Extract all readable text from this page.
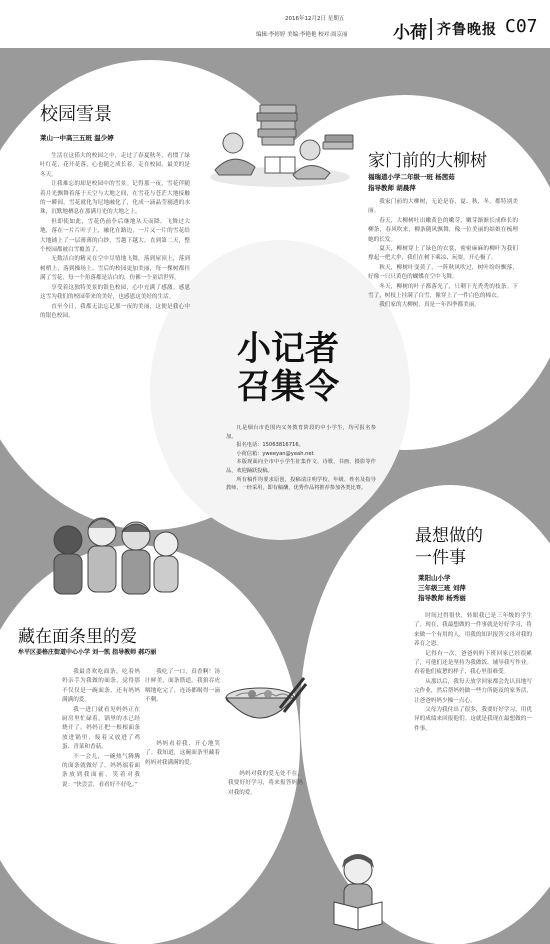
2016年12月2日 星期五
编辑:李婷婷 美编:李艳艳 校对:周京丽	小荷 齐鲁晚报 C07
校园雪景
莱山一中高三五班 温少婷

生活在这偌大的校园之中，走过了春夏秋冬，看惯了绿叶红花，花开花落，心也随之成长着。走在校园，最美的是冬天。

让我难忘的却是校园中的雪景。记得那一夜，雪花伴随着月光飘舞着落于天空与大地之间，在雪花与苍茫大地接触的一瞬间，雪花就化为尼地融化了，化成一滴晶莹剔透的水珠，沉默地栖息在那满月光的大地之上。

但即使如此，雪花仍前仆后继地从天而降。飞舞过大地，落在一片片叶子上，融化在路边，一片又一片的雪花给大地铺上了一层薄薄的白纱，雪越下越大，直到第二天，整个校园都被白雪覆盖了。

无数洁白的精灵在空中尽情地飞舞，落到屋顶上，落到树梢上，落到操场上。雪后的校园更加美丽，每一棵树都挂满了雪花，每一个角落都是洁白的，仿佛一个童话世界。

享受着这独特美景的银色校园，心中充满了感激。感恩这雪为我们的校园带来的美好，也感恩这美好的生活。

直至今日，我都无法忘记那一夜的美丽，这便是我心中的银色校园。

家门前的大柳树
福瑞道小学二年级一班 杨茜茹
指导教师 胡晨萍

我家门前的大柳树，无论是春、夏、秋、冬，都特别美丽。

春天，大柳树吐出嫩黄色的嫩芽，嫩芽渐渐长成修长的柳条，春风吹来，柳条随风飘舞，像一位美丽的姑娘在梳理她的长发。

夏天，柳树穿上了绿色的衣裳，密密麻麻的柳叶为我们撑起一把大伞，我们在树下乘凉、玩耍，开心极了。

秋天，柳树叶变黄了，一阵秋风吹过，树叶纷纷飘落，好像一只只黄色的蝴蝶在空中飞舞。

冬天，柳树的叶子都落光了，只剩下光秃秃的枝条。下雪了，树枝上挂满了白雪，像穿上了一件白色的棉衣。

我们家的大柳树，真是一年四季都美丽。

小记者召集令

凡是烟台市范围内义务教育阶段的中小学生，均可报名参加。

报名电话：15063816716。

小荷信箱：yweeyan@yeah.net

本版现面向全市中小学生征集作文、诗歌、书画、摄影等作品，欢迎踊跃投稿。

所有稿件均要求原创，投稿请注明学校、年级、姓名及指导教师，一经采用，即有稿酬，优秀作品将推荐参加各类比赛。

藏在面条里的爱
牟平区姜格庄街道中心小学 刘一凯 指导教师 郝巧丽

我最喜欢吃面条，吃着妈妈亲手为我做的面条，觉得那不仅仅是一碗面条，还有妈妈满满的爱。

我一进门就看见妈妈正在厨房里忙碌着，锅里的水已经烧开了，妈妈正把一根根面条放进锅里，接着又放进了鸡蛋、青菜和香菇。

不一会儿，一碗热气腾腾的面条就做好了。妈妈端着面条放到我面前，笑着对我说：“快尝尝，看看好不好吃。”

我吃了一口，真香啊！汤汁鲜美，面条筋道。我狼吞虎咽地吃完了，连汤都喝得一滴不剩。

妈妈看着我，开心地笑了。我知道，这碗面条里藏着妈妈对我满满的爱。

妈妈对我的爱无处不在，我要好好学习，将来报答妈妈对我的爱。

最想做的
一件事
莱阳山小学
三年级三班 刘萍
指导教师 杨秀丽

时间过得很快，转眼我已是三年级的学生了。现在，我最想做的一件事就是好好学习，将来做一个有用的人，用我的知识报答父母对我的养育之恩。

记得有一次，爸爸妈妈下班回家已经很累了，可他们还是坚持为我做饭、辅导我写作业。看着他们疲惫的样子，我心里很难受。

从那以后，我每天放学回家都会先认真地写完作业，然后帮妈妈做一些力所能及的家务活，让爸爸妈妈少操一点心。

父母为我付出了很多，我要好好学习，用优异的成绩来回报他们。这就是我现在最想做的一件事。
